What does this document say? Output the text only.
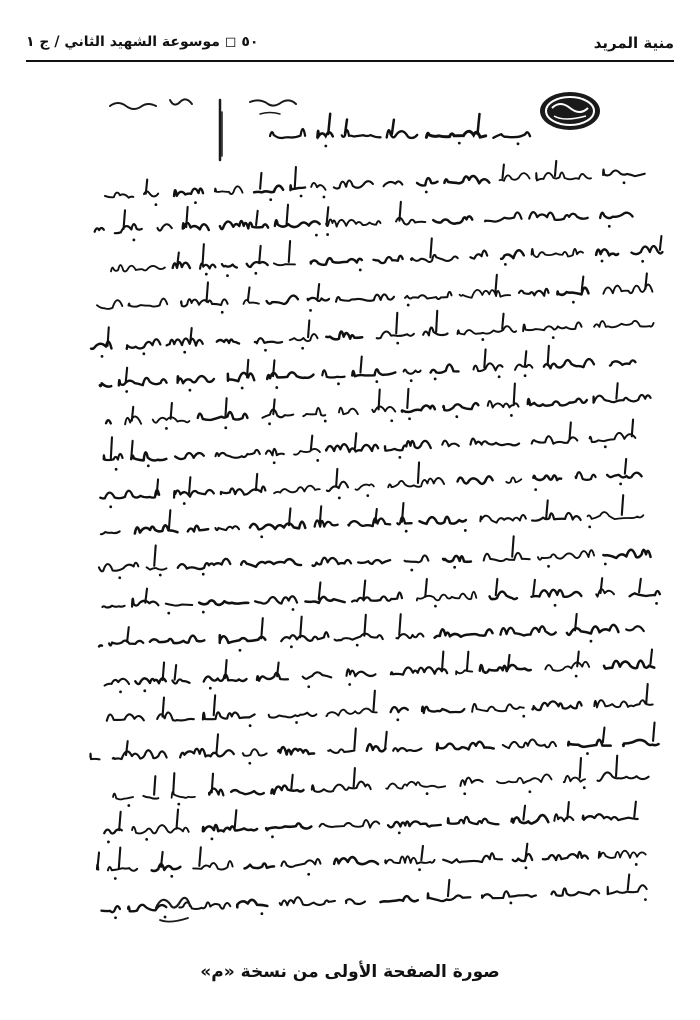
منية المريد
٥٠ ◻ موسوعة الشهيد الثاني / ج ١
صورة الصفحة الأولى من نسخة «م»
